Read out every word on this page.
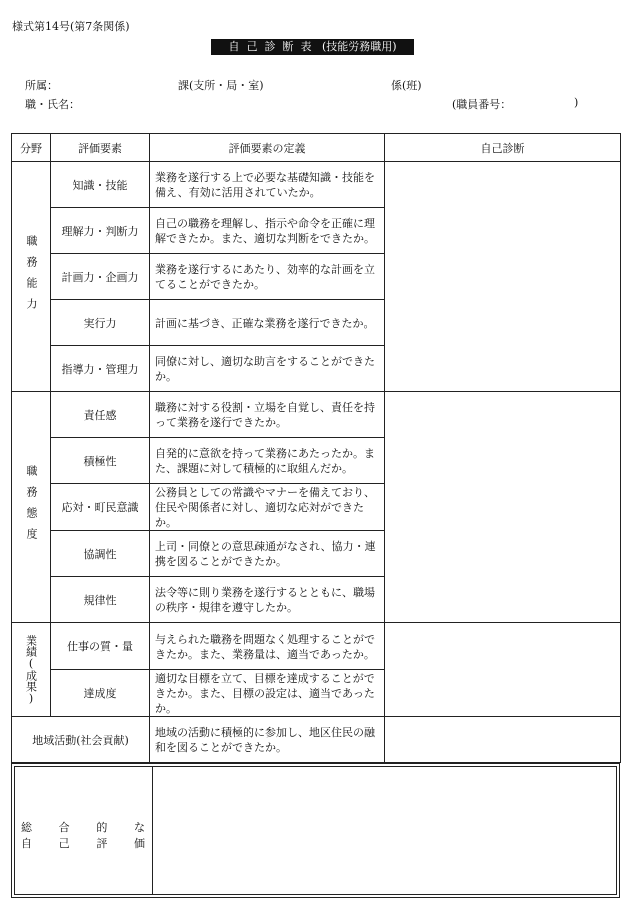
様式第14号(第7条関係)
自己診断表 (技能労務職用)
所属：	課(支所・局・室)	係(班)
職・氏名：	(職員番号：	)
分野	評価要素	評価要素の定義	自己診断

職務能力	知識・技能	業務を遂行する上で必要な基礎知識・技能を備え、有効に活用されていたか。	
	理解力・判断力	自己の職務を理解し、指示や命令を正確に理解できたか。また、適切な判断をできたか。	
	計画力・企画力	業務を遂行するにあたり、効率的な計画を立てることができたか。	
	実行力	計画に基づき、正確な業務を遂行できたか。	
	指導力・管理力	同僚に対し、適切な助言をすることができたか。	

職務態度	責任感	職務に対する役割・立場を自覚し、責任を持って業務を遂行できたか。	
	積極性	自発的に意欲を持って業務にあたったか。また、課題に対して積極的に取組んだか。	
	応対・町民意識	公務員としての常識やマナーを備えており、住民や関係者に対し、適切な応対ができたか。	
	協調性	上司・同僚との意思疎通がなされ、協力・連携を図ることができたか。	
	規律性	法令等に則り業務を遂行するとともに、職場の秩序・規律を遵守したか。	

業績(成果)	仕事の質・量	与えられた職務を問題なく処理することができたか。また、業務量は、適当であったか。	
	達成度	適切な目標を立て、目標を達成することができたか。また、目標の設定は、適当であったか。	
地域活動(社会貢献)		地域の活動に積極的に参加し、地区住民の融和を図ることができたか。	
総 合 的 な
自 己 評 価
